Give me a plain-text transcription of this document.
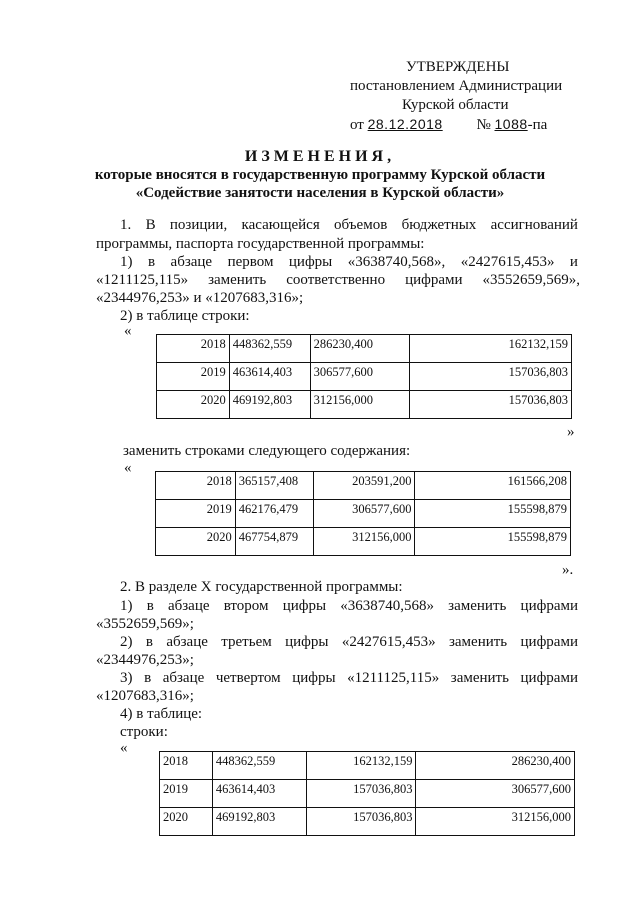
УТВЕРЖДЕНЫ
постановлением Администрации
Курской области
от 28.12.2018 № 1088-па
ИЗМЕНЕНИЯ,
которые вносятся в государственную программу Курской области
«Содействие занятости населения в Курской области»
1. В позиции, касающейся объемов бюджетных ассигнований
программы, паспорта государственной программы:
1) в абзаце первом цифры «3638740,568», «2427615,453» и
«1211125,115» заменить соответственно цифрами «3552659,569»,
«2344976,253» и «1207683,316»;
2) в таблице строки:
«
2018	448362,559	286230,400	162132,159
2019	463614,403	306577,600	157036,803
2020	469192,803	312156,000	157036,803
»
заменить строками следующего содержания:
«
2018	365157,408	203591,200	161566,208
2019	462176,479	306577,600	155598,879
2020	467754,879	312156,000	155598,879
».
2. В разделе X государственной программы:
1) в абзаце втором цифры «3638740,568» заменить цифрами
«3552659,569»;
2) в абзаце третьем цифры «2427615,453» заменить цифрами
«2344976,253»;
3) в абзаце четвертом цифры «1211125,115» заменить цифрами
«1207683,316»;
4) в таблице:
строки:
«
2018	448362,559	162132,159	286230,400
2019	463614,403	157036,803	306577,600
2020	469192,803	157036,803	312156,000
